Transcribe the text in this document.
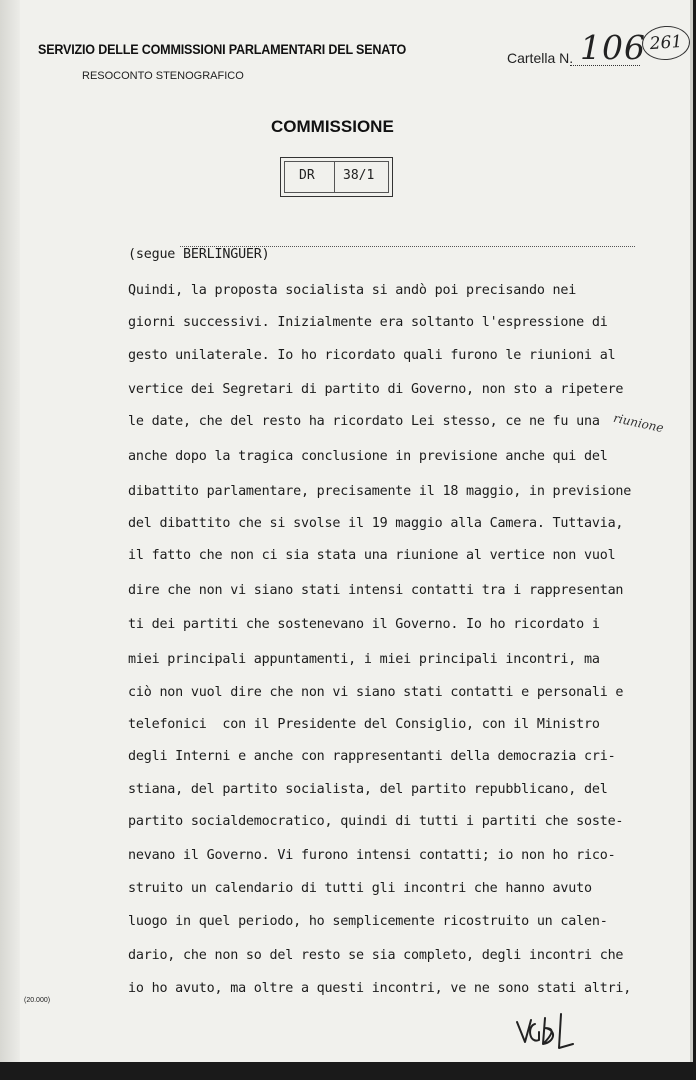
SERVIZIO DELLE COMMISSIONI PARLAMENTARI DEL SENATO
RESOCONTO STENOGRAFICO
Cartella N. 106 261
COMMISSIONE
DR 38/1
(segue BERLINGUER)
Quindi, la proposta socialista si andò poi precisando nei
giorni successivi. Inizialmente era soltanto l'espressione di
gesto unilaterale. Io ho ricordato quali furono le riunioni al
vertice dei Segretari di partito di Governo, non sto a ripetere
le date, che del resto ha ricordato Lei stesso, ce ne fu una
anche dopo la tragica conclusione in previsione anche qui del
dibattito parlamentare, precisamente il 18 maggio, in previsione
del dibattito che si svolse il 19 maggio alla Camera. Tuttavia,
il fatto che non ci sia stata una riunione al vertice non vuol
dire che non vi siano stati intensi contatti tra i rappresentan
ti dei partiti che sostenevano il Governo. Io ho ricordato i
miei principali appuntamenti, i miei principali incontri, ma
ciò non vuol dire che non vi siano stati contatti e personali e
telefonici  con il Presidente del Consiglio, con il Ministro
degli Interni e anche con rappresentanti della democrazia cri-
stiana, del partito socialista, del partito repubblicano, del
partito socialdemocratico, quindi di tutti i partiti che soste-
nevano il Governo. Vi furono intensi contatti; io non ho rico-
struito un calendario di tutti gli incontri che hanno avuto
luogo in quel periodo, ho semplicemente ricostruito un calen-
dario, che non so del resto se sia completo, degli incontri che
io ho avuto, ma oltre a questi incontri, ve ne sono stati altri,
riunione
(20.000)
